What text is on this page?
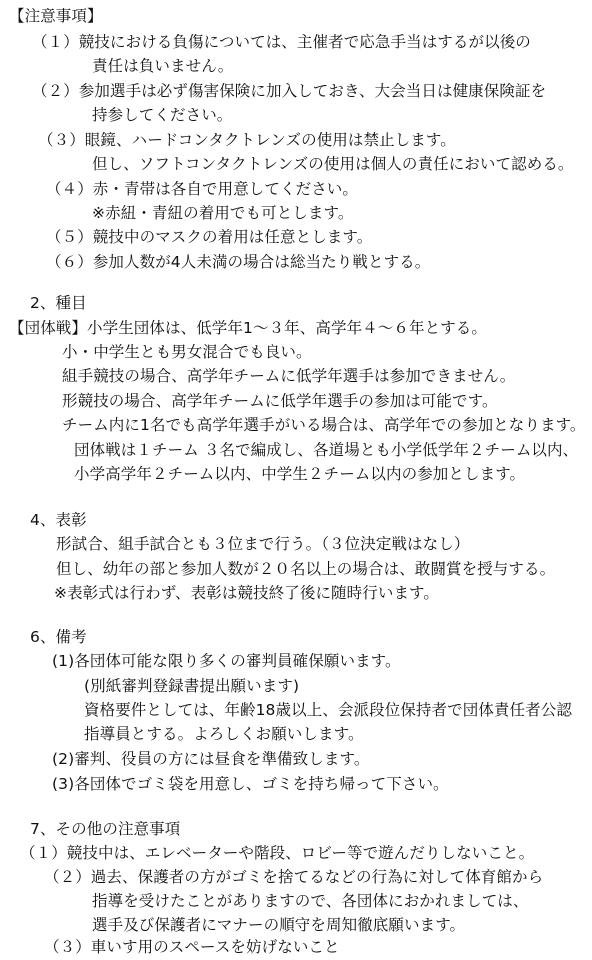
【注意事項】
（１）競技における負傷については、主催者で応急手当はするが以後の
責任は負いません。
（２）参加選手は必ず傷害保険に加入しておき、大会当日は健康保険証を
持参してください。
（３）眼鏡、ハードコンタクトレンズの使用は禁止します。
但し、ソフトコンタクトレンズの使用は個人の責任において認める。
（４）赤・青帯は各自で用意してください。
※赤紐・青紐の着用でも可とします。
（５）競技中のマスクの着用は任意とします。
（６）参加人数が4人未満の場合は総当たり戦とする。
2、種目
【団体戦】小学生団体は、低学年1～３年、高学年４～６年とする。
小・中学生とも男女混合でも良い。
組手競技の場合、高学年チームに低学年選手は参加できません。
形競技の場合、高学年チームに低学年選手の参加は可能です。
チーム内に1名でも高学年選手がいる場合は、高学年での参加となります。
団体戦は１チーム ３名で編成し、各道場とも小学低学年２チーム以内、
小学高学年２チーム以内、中学生２チーム以内の参加とします。
4、表彰
形試合、組手試合とも３位まで行う。（３位決定戦はなし）
但し、幼年の部と参加人数が２０名以上の場合は、敢闘賞を授与する。
※表彰式は行わず、表彰は競技終了後に随時行います。
6、備考
(1)各団体可能な限り多くの審判員確保願います。
(別紙審判登録書提出願います)
資格要件としては、年齢18歳以上、会派段位保持者で団体責任者公認
指導員とする。よろしくお願いします。
(2)審判、役員の方には昼食を準備致します。
(3)各団体でゴミ袋を用意し、ゴミを持ち帰って下さい。
7、その他の注意事項
（１）競技中は、エレベーターや階段、ロビー等で遊んだりしないこと。
（２）過去、保護者の方がゴミを捨てるなどの行為に対して体育館から
指導を受けたことがありますので、各団体におかれましては、
選手及び保護者にマナーの順守を周知徹底願います。
（３）車いす用のスペースを妨げないこと
